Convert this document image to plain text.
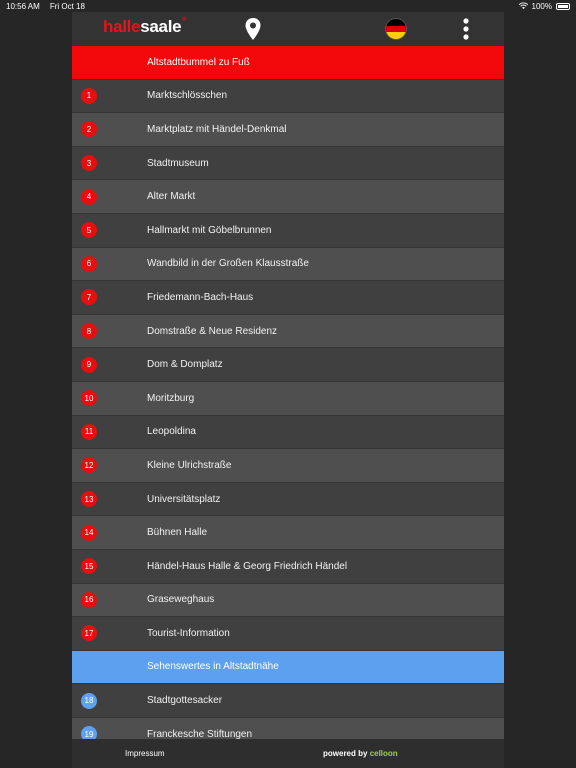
10:56 AM Fri Oct 18	100%
halle saale ®
Altstadtbummel zu Fuß
1	Marktschlösschen
2	Marktplatz mit Händel-Denkmal
3	Stadtmuseum
4	Alter Markt
5	Hallmarkt mit Göbelbrunnen
6	Wandbild in der Großen Klausstraße
7	Friedemann-Bach-Haus
8	Domstraße & Neue Residenz
9	Dom & Domplatz
10	Moritzburg
11	Leopoldina
12	Kleine Ulrichstraße
13	Universitätsplatz
14	Bühnen Halle
15	Händel-Haus Halle & Georg Friedrich Händel
16	Graseweghaus
17	Tourist-Information
Sehenswertes in Altstadtnähe
18	Stadtgottesacker
19	Franckesche Stiftungen
Impressum	powered by celloon
